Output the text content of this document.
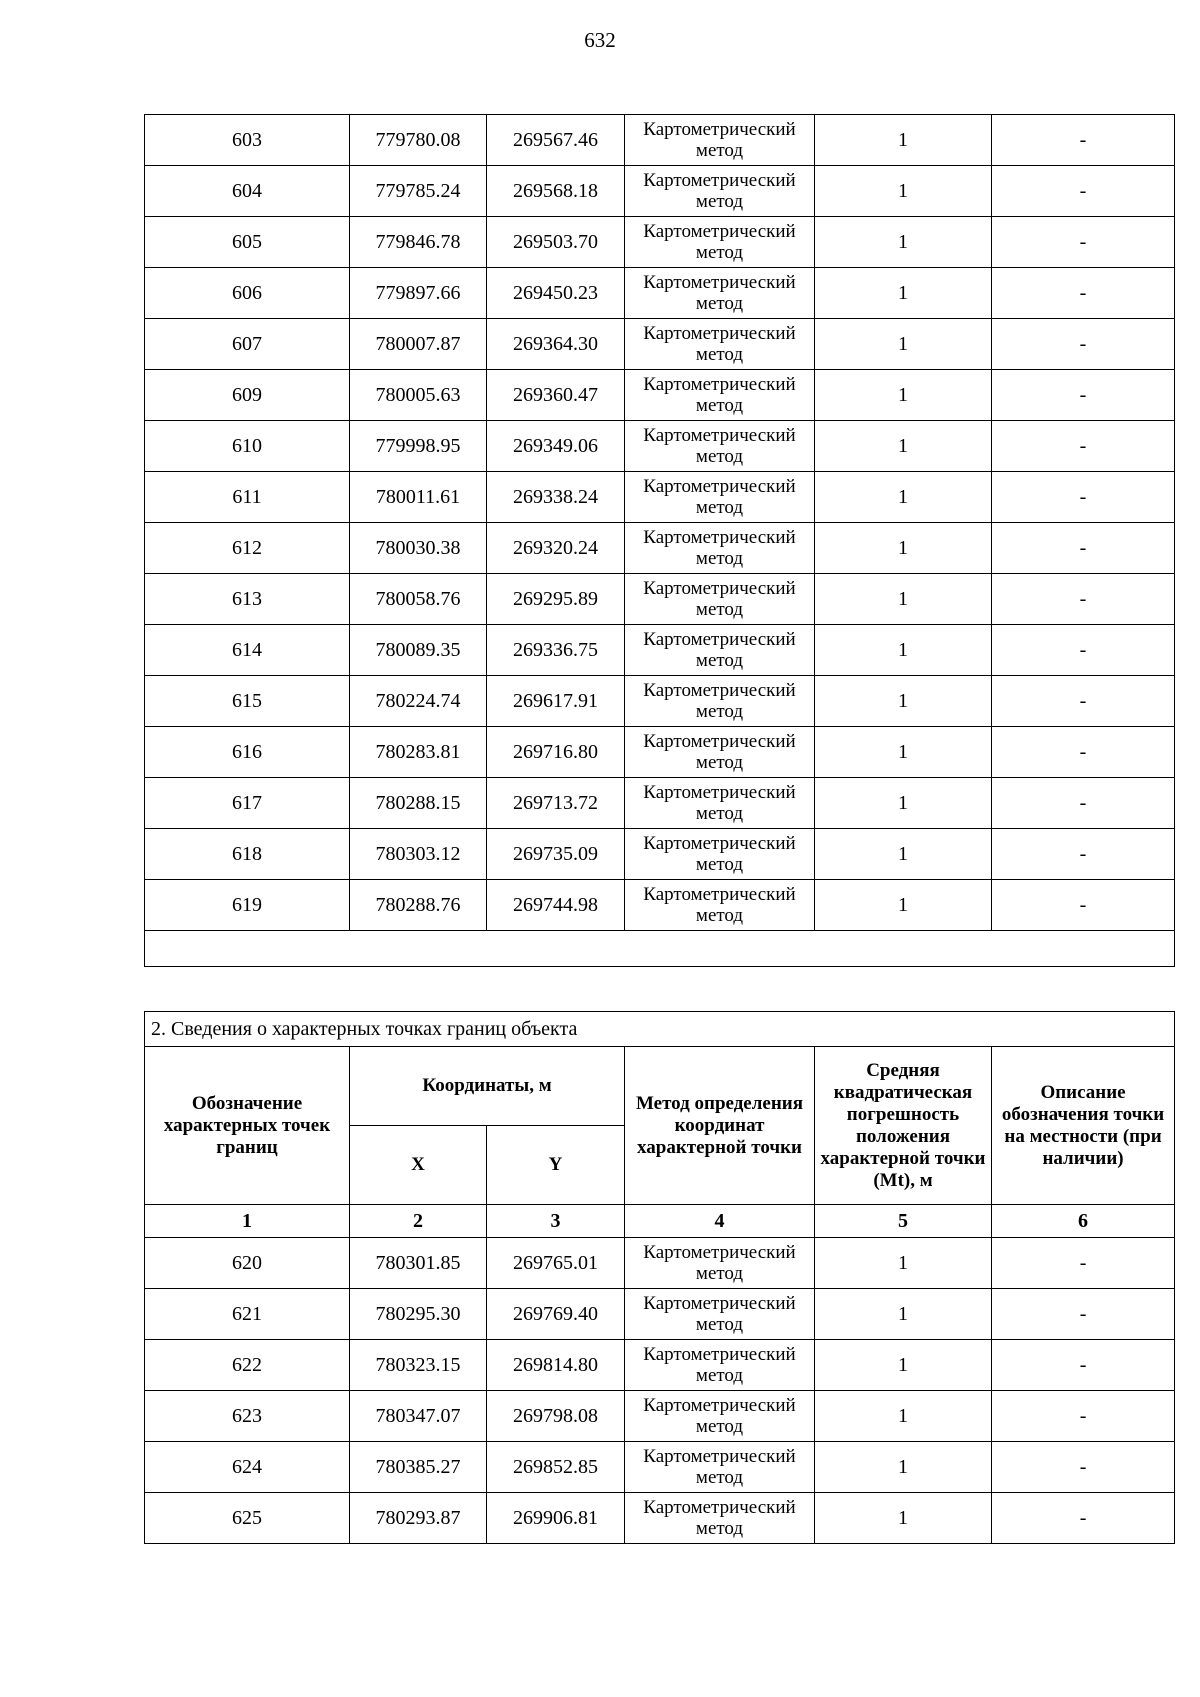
632
603	779780.08	269567.46	Картометрический метод	1	-
604	779785.24	269568.18	Картометрический метод	1	-
605	779846.78	269503.70	Картометрический метод	1	-
606	779897.66	269450.23	Картометрический метод	1	-
607	780007.87	269364.30	Картометрический метод	1	-
609	780005.63	269360.47	Картометрический метод	1	-
610	779998.95	269349.06	Картометрический метод	1	-
611	780011.61	269338.24	Картометрический метод	1	-
612	780030.38	269320.24	Картометрический метод	1	-
613	780058.76	269295.89	Картометрический метод	1	-
614	780089.35	269336.75	Картометрический метод	1	-
615	780224.74	269617.91	Картометрический метод	1	-
616	780283.81	269716.80	Картометрический метод	1	-
617	780288.15	269713.72	Картометрический метод	1	-
618	780303.12	269735.09	Картометрический метод	1	-
619	780288.76	269744.98	Картометрический метод	1	-

2. Сведения о характерных точках границ объекта					
Обозначение характерных точек границ	Координаты, м		Метод определения координат характерной точки	Средняя квадратическая погрешность положения характерной точки (Mt), м	Описание обозначения точки на местности (при наличии)
	X	Y			
1	2	3	4	5	6
620	780301.85	269765.01	Картометрический метод	1	-
621	780295.30	269769.40	Картометрический метод	1	-
622	780323.15	269814.80	Картометрический метод	1	-
623	780347.07	269798.08	Картометрический метод	1	-
624	780385.27	269852.85	Картометрический метод	1	-
625	780293.87	269906.81	Картометрический метод	1	-
